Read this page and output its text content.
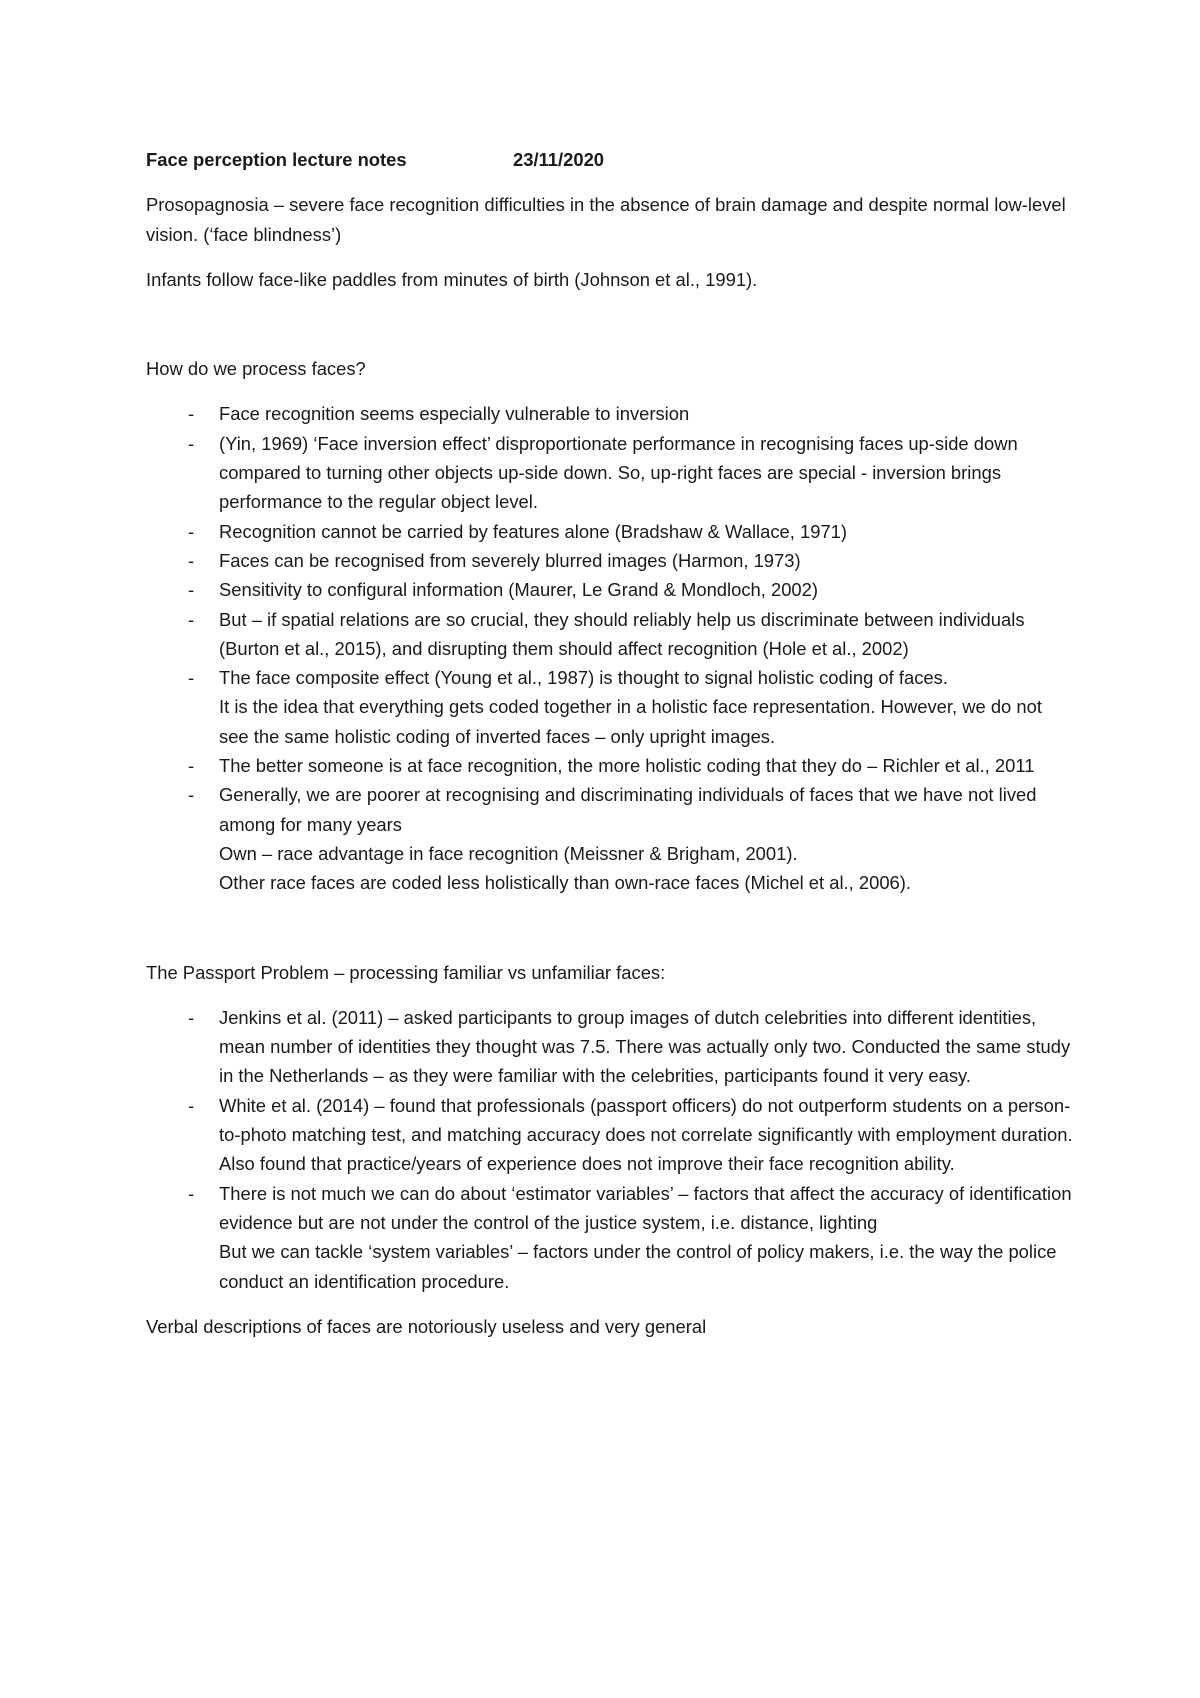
Face perception lecture notes	23/11/2020

Prosopagnosia – severe face recognition difficulties in the absence of brain damage and despite normal low-level vision. (‘face blindness’)

Infants follow face-like paddles from minutes of birth (Johnson et al., 1991).

How do we process faces?

- Face recognition seems especially vulnerable to inversion
- (Yin, 1969) ‘Face inversion effect’ disproportionate performance in recognising faces up-side down compared to turning other objects up-side down. So, up-right faces are special - inversion brings performance to the regular object level.
- Recognition cannot be carried by features alone (Bradshaw & Wallace, 1971)
- Faces can be recognised from severely blurred images (Harmon, 1973)
- Sensitivity to configural information (Maurer, Le Grand & Mondloch, 2002)
- But – if spatial relations are so crucial, they should reliably help us discriminate between individuals (Burton et al., 2015), and disrupting them should affect recognition (Hole et al., 2002)
- The face composite effect (Young et al., 1987) is thought to signal holistic coding of faces.
It is the idea that everything gets coded together in a holistic face representation. However, we do not see the same holistic coding of inverted faces – only upright images.
- The better someone is at face recognition, the more holistic coding that they do – Richler et al., 2011
- Generally, we are poorer at recognising and discriminating individuals of faces that we have not lived among for many years
Own – race advantage in face recognition (Meissner & Brigham, 2001).
Other race faces are coded less holistically than own-race faces (Michel et al., 2006).

The Passport Problem – processing familiar vs unfamiliar faces:

- Jenkins et al. (2011) – asked participants to group images of dutch celebrities into different identities, mean number of identities they thought was 7.5. There was actually only two. Conducted the same study in the Netherlands – as they were familiar with the celebrities, participants found it very easy.
- White et al. (2014) – found that professionals (passport officers) do not outperform students on a person-to-photo matching test, and matching accuracy does not correlate significantly with employment duration. Also found that practice/years of experience does not improve their face recognition ability.
- There is not much we can do about ‘estimator variables’ – factors that affect the accuracy of identification evidence but are not under the control of the justice system, i.e. distance, lighting
But we can tackle ‘system variables’ – factors under the control of policy makers, i.e. the way the police conduct an identification procedure.

Verbal descriptions of faces are notoriously useless and very general
